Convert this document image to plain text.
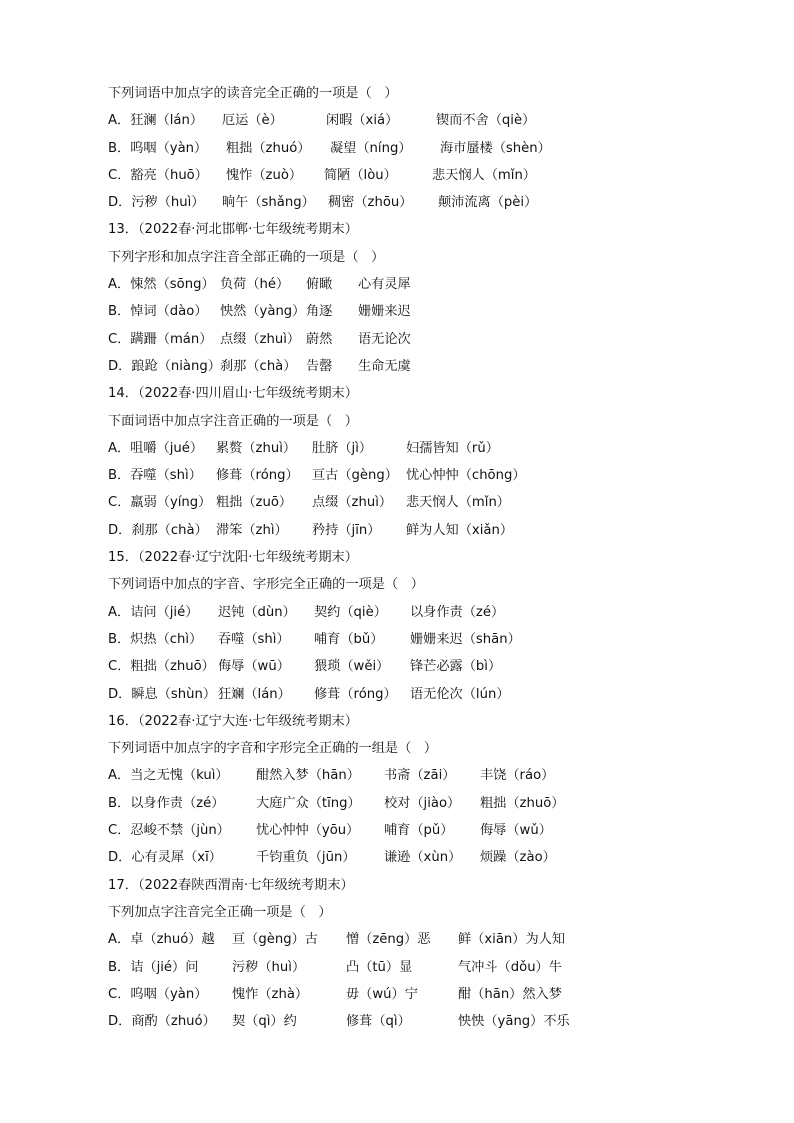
下列词语中加点字的读音完全正确的一项是（   ）
A．狂澜（lán） 厄运（è）	闲暇（xiá）	锲而不舍（qiè）
B．呜咽（yàn） 粗拙（zhuó） 凝望（níng） 海市蜃楼（shèn）
C．豁亮（huō） 愧怍（zuò） 简陋（lòu）	悲天悯人（mǐn）
D．污秽（huì） 晌午（shǎng） 稠密（zhōu） 颠沛流离（pèi）
13．（2022春·河北邯郸·七年级统考期末）
下列字形和加点字注音全部正确的一项是（   ）
A．悚然（sōng） 负荷（hé） 俯瞰 心有灵犀
B．悼词（dào） 怏然（yàng） 角逐 姗姗来迟
C．蹒跚（mán） 点缀（zhuì） 蔚然 语无论次
D．踉跄（niàng） 刹那（chà） 告罄 生命无虞
14．（2022春·四川眉山·七年级统考期末）
下面词语中加点字注音正确的一项是（   ）
A．咀嚼（jué） 累赘（zhuì） 肚脐（jì）	妇孺皆知（rǔ）
B．吞噬（shì） 修葺（róng） 亘古（gèng） 忧心忡忡（chōng）
C．羸弱（yíng） 粗拙（zuō） 点缀（zhuì） 悲天悯人（mǐn）
D．刹那（chà） 滞笨（zhì） 矜持（jīn） 鲜为人知（xiǎn）
15．（2022春·辽宁沈阳·七年级统考期末）
下列词语中加点的字音、字形完全正确的一项是（   ）
A．诘问（jié） 迟钝（dùn） 契约（qiè） 以身作责（zé）
B．炽热（chì） 吞噬（shì） 哺育（bǔ） 姗姗来迟（shān）
C．粗拙（zhuō） 侮辱（wū） 猥琐（wěi） 锋芒必露（bì）
D．瞬息（shùn） 狂斓（lán） 修葺（róng） 语无伦次（lún）
16．（2022春·辽宁大连·七年级统考期末）
下列词语中加点字的字音和字形完全正确的一组是（   ）
A．当之无愧（kuì） 酣然入梦（hān） 书斋（zāi） 丰饶（ráo）
B．以身作责（zé） 大庭广众（tīng） 校对（jiào） 粗拙（zhuō）
C．忍峻不禁（jùn） 忧心忡忡（yōu） 哺育（pǔ） 侮辱（wǔ）
D．心有灵犀（xī）	千钧重负（jūn） 谦逊（xùn） 烦躁（zào）
17．（2022春陕西渭南·七年级统考期末）
下列加点字注音完全正确一项是（   ）
A．卓（zhuó）越 亘（gèng）古 憎（zēng）恶 鲜（xiān）为人知
B．诘（jié）问	污秽（huì）	凸（tū）显	气冲斗（dǒu）牛
C．呜咽（yàn） 愧怍（zhà）	毋（wú）宁	酣（hān）然入梦
D．商酌（zhuó） 契（qì）约	修葺（qì）	怏怏（yāng）不乐
